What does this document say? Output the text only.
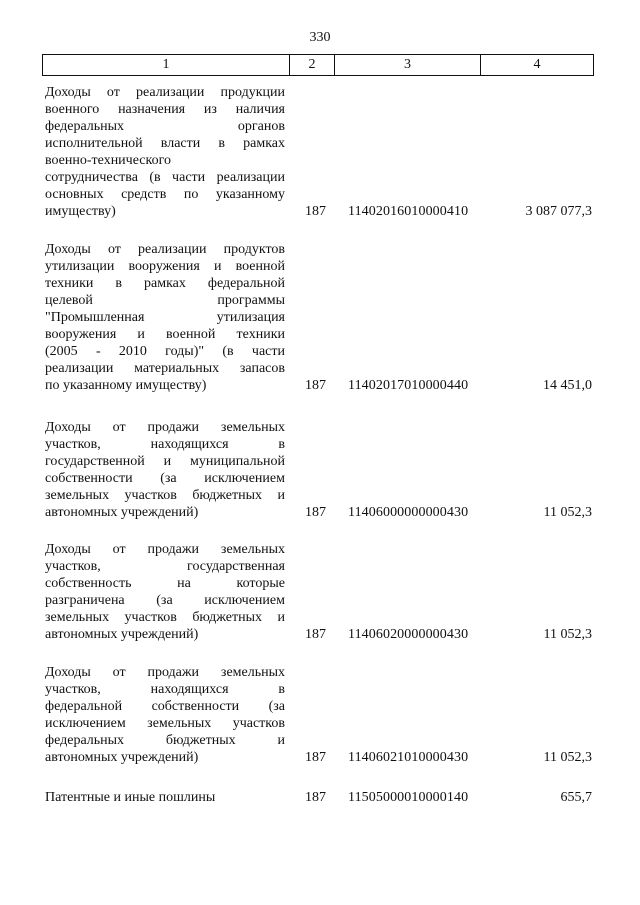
330
1	2	3	4
Доходы от реализации продукции
военного назначения из наличия
федеральных органов
исполнительной власти в рамках
военно-технического
сотрудничества (в части реализации
основных средств по указанному
имуществу)	187 11402016010000410	3 087 077,3
Доходы от реализации продуктов
утилизации вооружения и военной
техники в рамках федеральной
целевой программы
"Промышленная утилизация
вооружения и военной техники
(2005 - 2010 годы)" (в части
реализации материальных запасов
по указанному имуществу)	187 11402017010000440	14 451,0
Доходы от продажи земельных
участков, находящихся в
государственной и муниципальной
собственности (за исключением
земельных участков бюджетных и
автономных учреждений)	187 11406000000000430	11 052,3
Доходы от продажи земельных
участков, государственная
собственность на которые
разграничена (за исключением
земельных участков бюджетных и
автономных учреждений)	187 11406020000000430	11 052,3
Доходы от продажи земельных
участков, находящихся в
федеральной собственности (за
исключением земельных участков
федеральных бюджетных и
автономных учреждений)	187 11406021010000430	11 052,3
Патентные и иные пошлины	187 11505000010000140	655,7
